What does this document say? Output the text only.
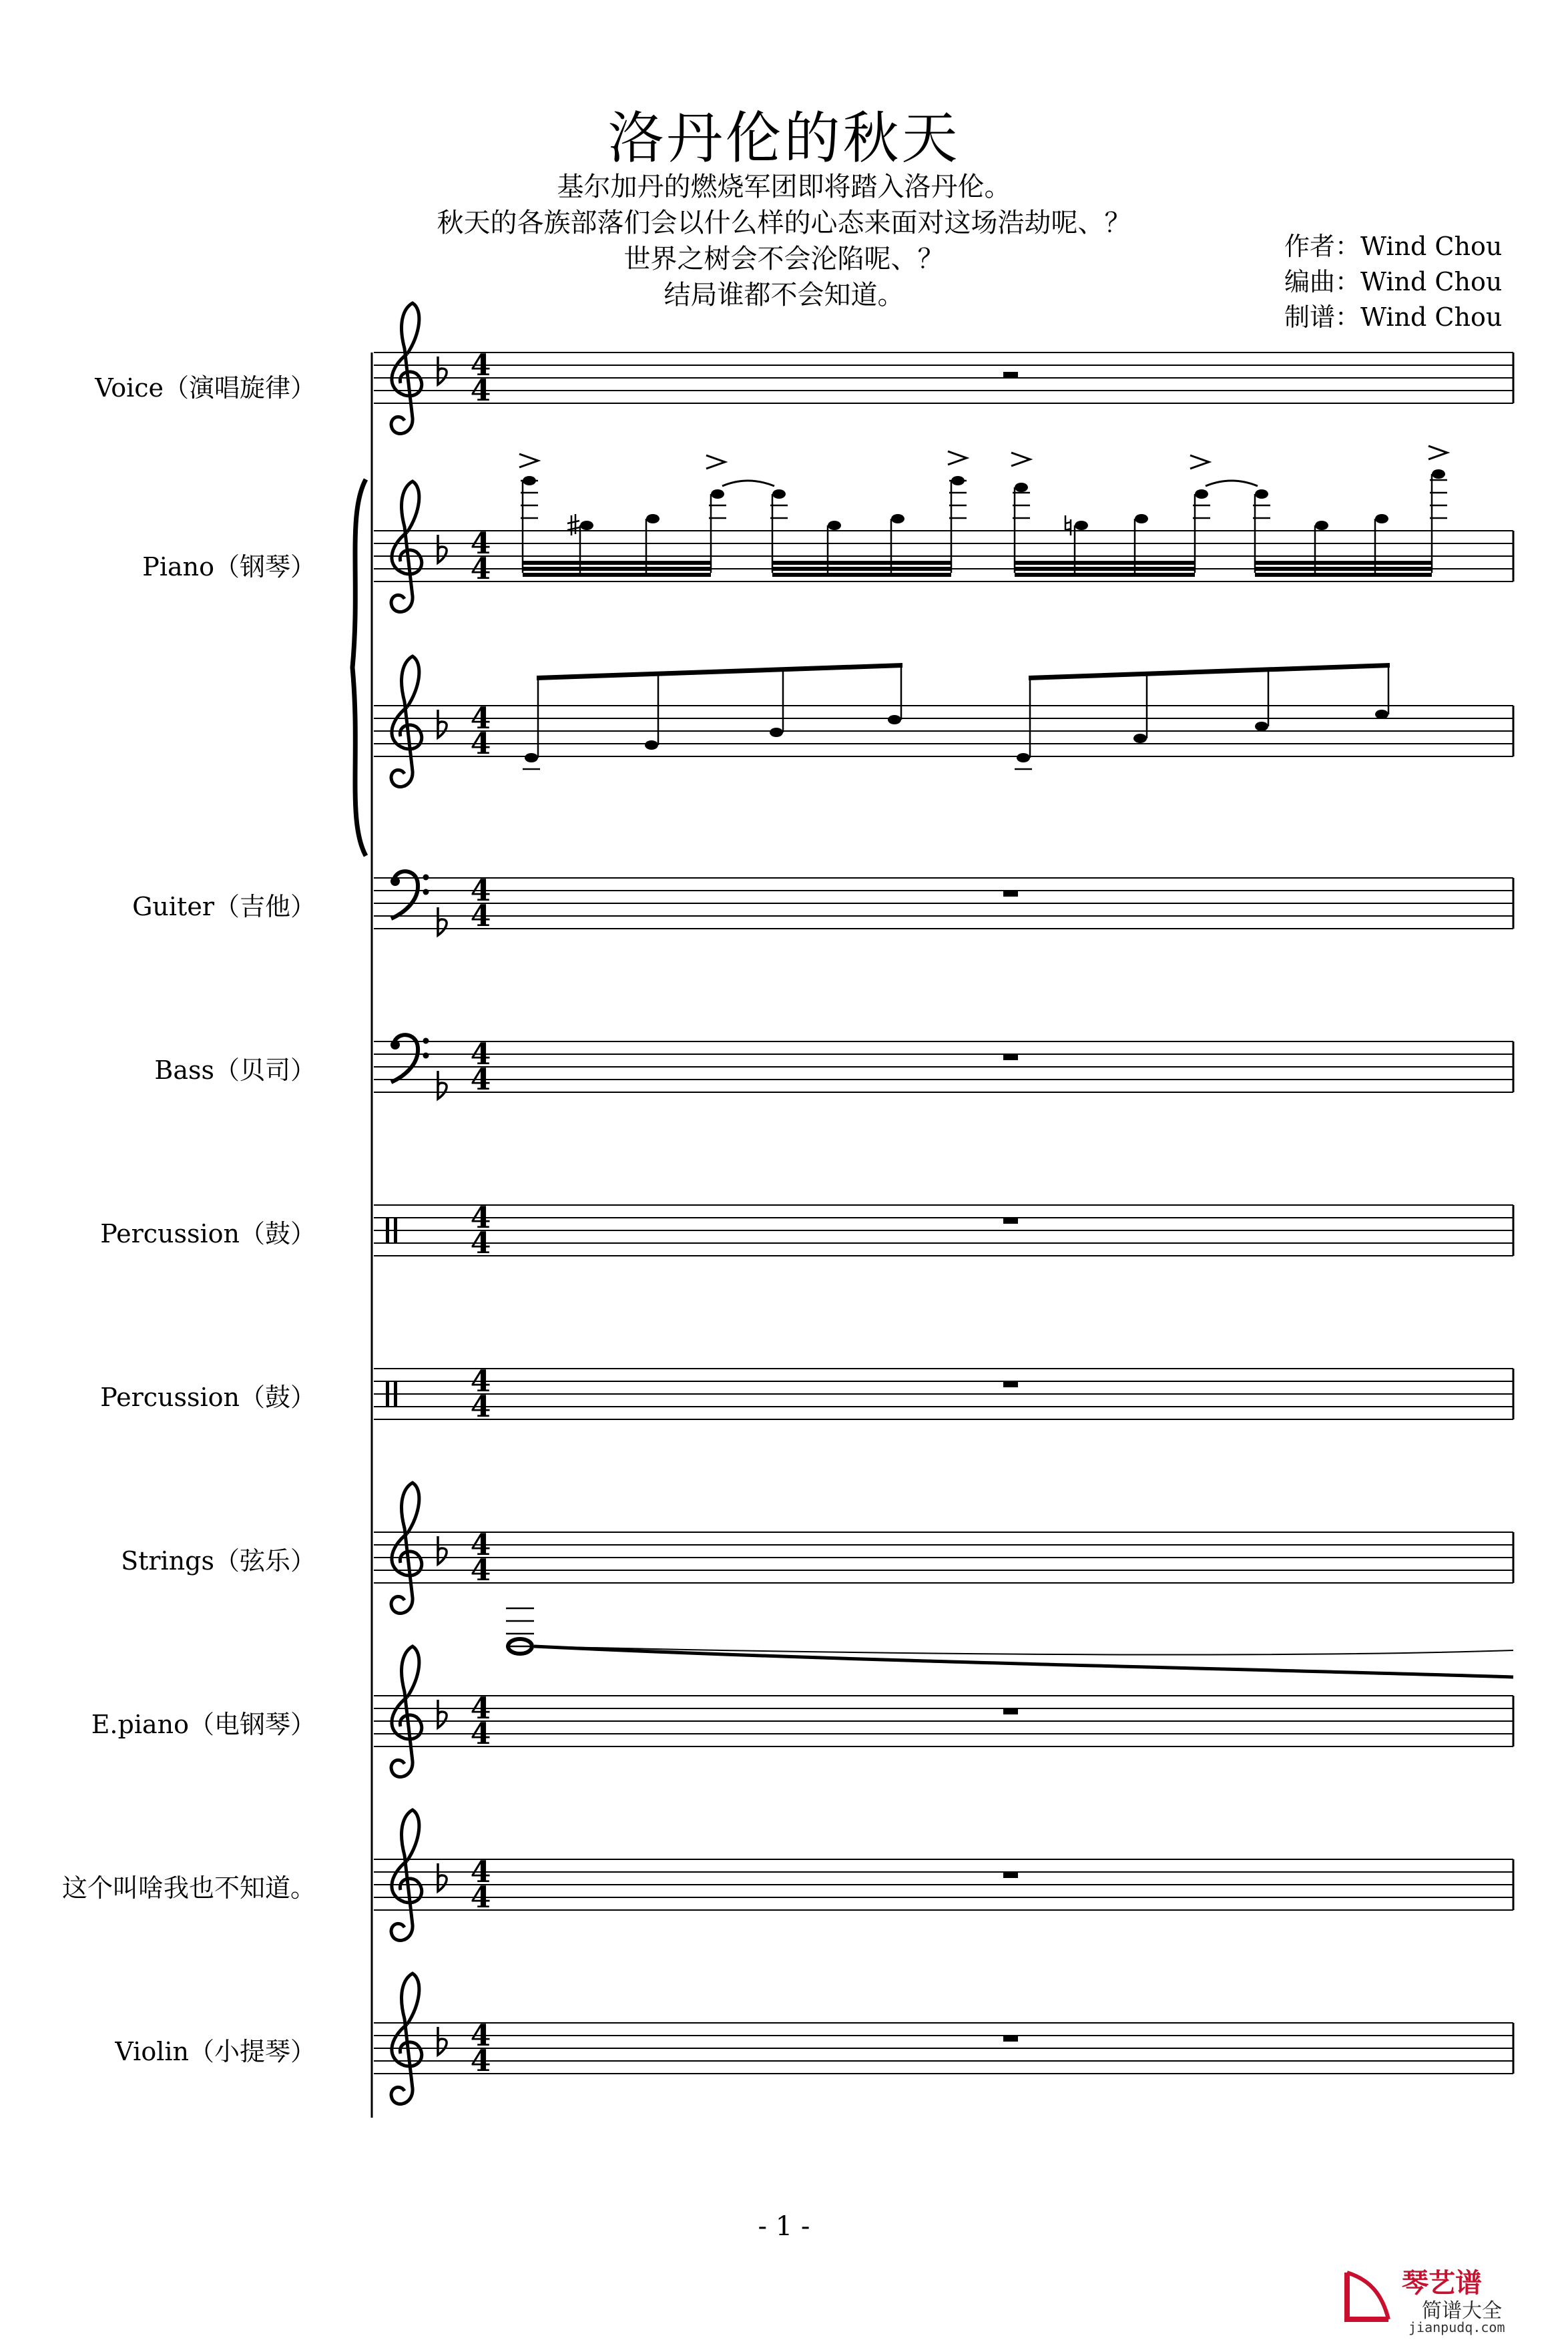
洛丹伦的秋天
基尔加丹的燃烧军团即将踏入洛丹伦。
秋天的各族部落们会以什么样的心态来面对这场浩劫呢、？
世界之树会不会沦陷呢、？
结局谁都不会知道。
作者：Wind Chou
编曲：Wind Chou
制谱：Wind Chou
Voice（演唱旋律）
Piano（钢琴）
Guiter（吉他）
Bass（贝司）
Percussion（鼓）
Percussion（鼓）
Strings（弦乐）
E.piano（电钢琴）
这个叫啥我也不知道。
Violin（小提琴）
4
4
4
4
4
4
4
4
4
4
4
4
4
4
4
4
4
4
4
4
4
4
- 1 -
琴艺谱
简谱大全
jianpudq.com
